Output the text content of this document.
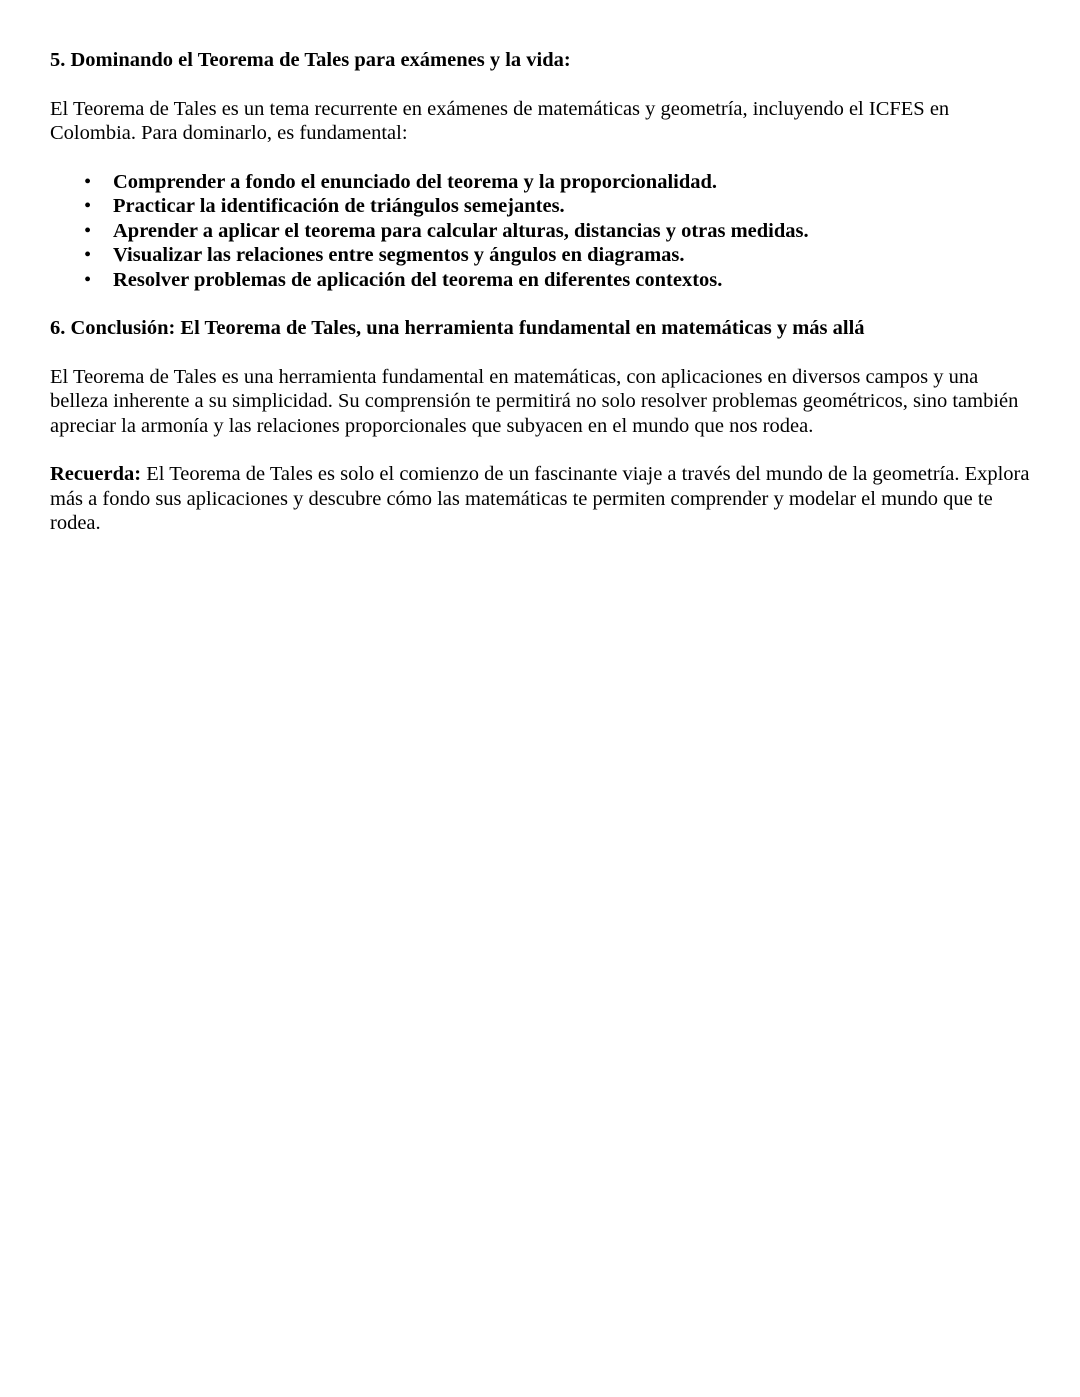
5. Dominando el Teorema de Tales para exámenes y la vida:

El Teorema de Tales es un tema recurrente en exámenes de matemáticas y geometría, incluyendo el ICFES en Colombia. Para dominarlo, es fundamental:

• Comprender a fondo el enunciado del teorema y la proporcionalidad.
• Practicar la identificación de triángulos semejantes.
• Aprender a aplicar el teorema para calcular alturas, distancias y otras medidas.
• Visualizar las relaciones entre segmentos y ángulos en diagramas.
• Resolver problemas de aplicación del teorema en diferentes contextos.

6. Conclusión: El Teorema de Tales, una herramienta fundamental en matemáticas y más allá

El Teorema de Tales es una herramienta fundamental en matemáticas, con aplicaciones en diversos campos y una belleza inherente a su simplicidad. Su comprensión te permitirá no solo resolver problemas geométricos, sino también apreciar la armonía y las relaciones proporcionales que subyacen en el mundo que nos rodea.

Recuerda: El Teorema de Tales es solo el comienzo de un fascinante viaje a través del mundo de la geometría. Explora más a fondo sus aplicaciones y descubre cómo las matemáticas te permiten comprender y modelar el mundo que te rodea.
